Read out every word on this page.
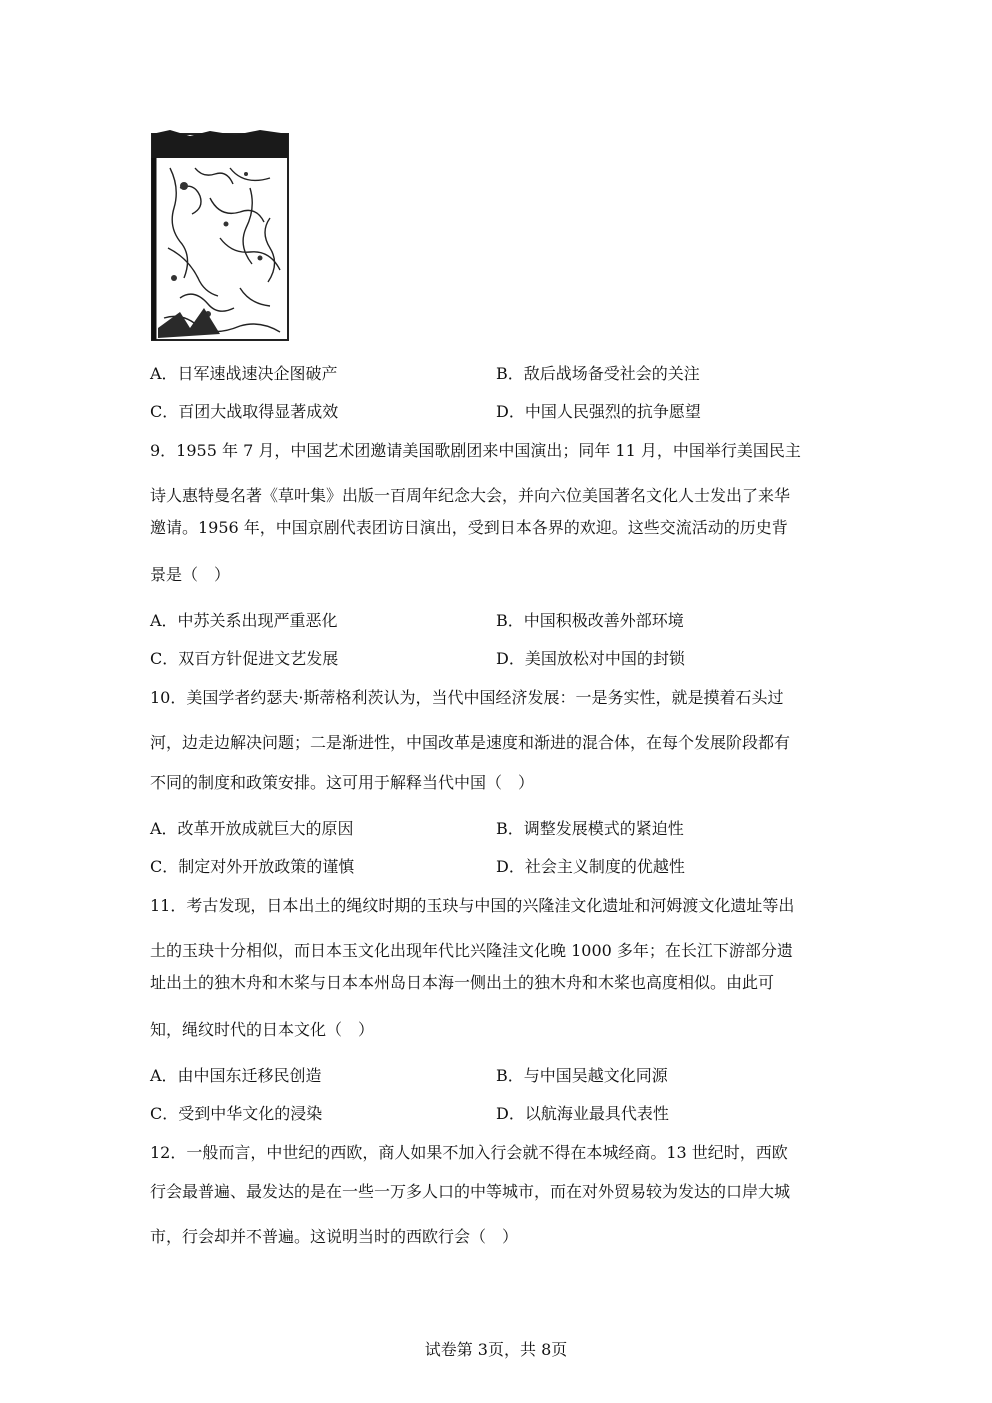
A．日军速战速决企图破产	B．敌后战场备受社会的关注
C．百团大战取得显著成效	D．中国人民强烈的抗争愿望
9．1955 年 7 月，中国艺术团邀请美国歌剧团来中国演出；同年 11 月，中国举行美国民主
诗人惠特曼名著《草叶集》出版一百周年纪念大会，并向六位美国著名文化人士发出了来华
邀请。1956 年，中国京剧代表团访日演出，受到日本各界的欢迎。这些交流活动的历史背
景是（　）
A．中苏关系出现严重恶化	B．中国积极改善外部环境
C．双百方针促进文艺发展	D．美国放松对中国的封锁
10．美国学者约瑟夫·斯蒂格利茨认为，当代中国经济发展：一是务实性，就是摸着石头过
河，边走边解决问题；二是渐进性，中国改革是速度和渐进的混合体，在每个发展阶段都有
不同的制度和政策安排。这可用于解释当代中国（　）
A．改革开放成就巨大的原因	B．调整发展模式的紧迫性
C．制定对外开放政策的谨慎	D．社会主义制度的优越性
11．考古发现，日本出土的绳纹时期的玉玦与中国的兴隆洼文化遗址和河姆渡文化遗址等出
土的玉玦十分相似，而日本玉文化出现年代比兴隆洼文化晚 1000 多年；在长江下游部分遗
址出土的独木舟和木桨与日本本州岛日本海一侧出土的独木舟和木桨也高度相似。由此可
知，绳纹时代的日本文化（　）
A．由中国东迁移民创造	B．与中国吴越文化同源
C．受到中华文化的浸染	D．以航海业最具代表性
12．一般而言，中世纪的西欧，商人如果不加入行会就不得在本城经商。13 世纪时，西欧
行会最普遍、最发达的是在一些一万多人口的中等城市，而在对外贸易较为发达的口岸大城
市，行会却并不普遍。这说明当时的西欧行会（　）
试卷第 3页，共 8页
